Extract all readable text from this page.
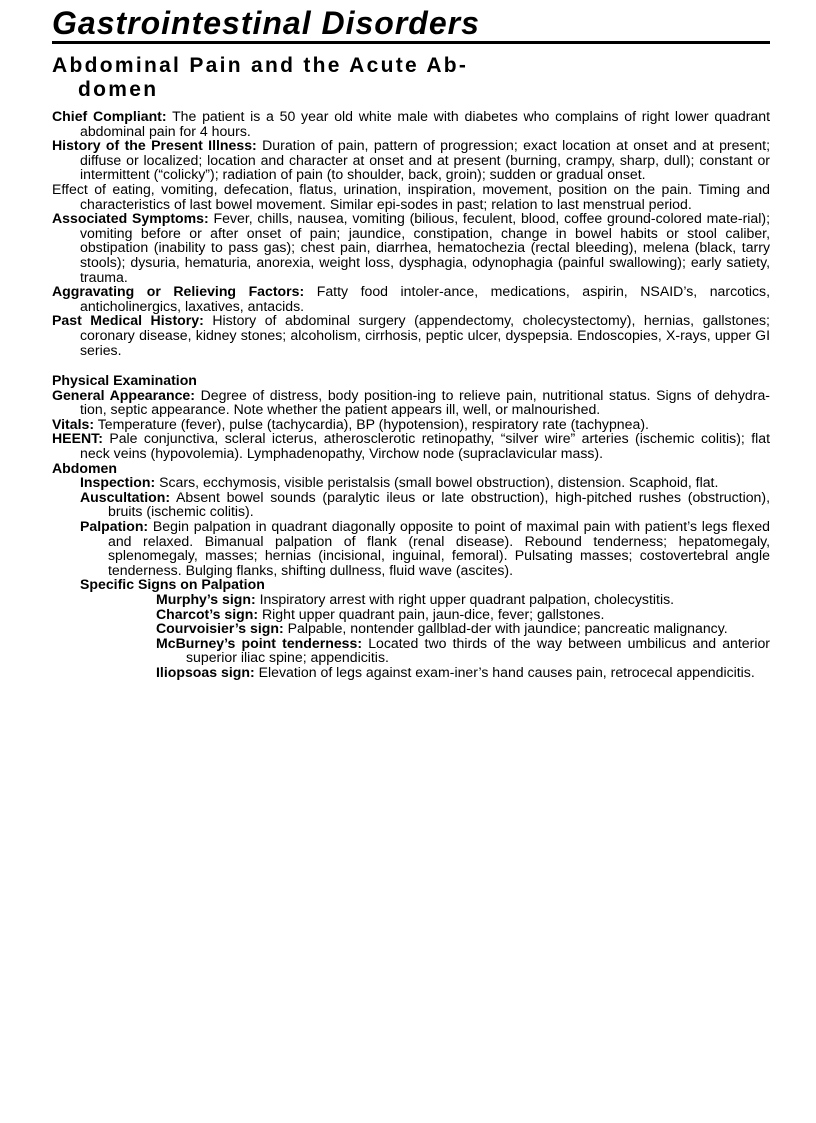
Gastrointestinal Disorders
Abdominal Pain and the Acute Ab-
domen

Chief Compliant: The patient is a 50 year old white male with diabetes who complains of right lower quadrant abdominal pain for 4 hours.

History of the Present Illness: Duration of pain, pattern of progression; exact location at onset and at present; diffuse or localized; location and character at onset and at present (burning, crampy, sharp, dull); constant or intermittent (“colicky”); radiation of pain (to shoulder, back, groin); sudden or gradual onset.

Effect of eating, vomiting, defecation, flatus, urination, inspiration, movement, position on the pain. Timing and characteristics of last bowel movement. Similar epi-sodes in past; relation to last menstrual period.

Associated Symptoms: Fever, chills, nausea, vomiting (bilious, feculent, blood, coffee ground-colored mate-rial); vomiting before or after onset of pain; jaundice, constipation, change in bowel habits or stool caliber, obstipation (inability to pass gas); chest pain, diarrhea, hematochezia (rectal bleeding), melena (black, tarry stools); dysuria, hematuria, anorexia, weight loss, dysphagia, odynophagia (painful swallowing); early satiety, trauma.

Aggravating or Relieving Factors: Fatty food intoler-ance, medications, aspirin, NSAID’s, narcotics, anticholinergics, laxatives, antacids.

Past Medical History: History of abdominal surgery (appendectomy, cholecystectomy), hernias, gallstones; coronary disease, kidney stones; alcoholism, cirrhosis, peptic ulcer, dyspepsia. Endoscopies, X-rays, upper GI series.

Physical Examination

General Appearance: Degree of distress, body position-ing to relieve pain, nutritional status. Signs of dehydra-tion, septic appearance. Note whether the patient appears ill, well, or malnourished.

Vitals: Temperature (fever), pulse (tachycardia), BP (hypotension), respiratory rate (tachypnea).

HEENT: Pale conjunctiva, scleral icterus, atherosclerotic retinopathy, “silver wire” arteries (ischemic colitis); flat neck veins (hypovolemia). Lymphadenopathy, Virchow node (supraclavicular mass).

Abdomen

Inspection: Scars, ecchymosis, visible peristalsis (small bowel obstruction), distension. Scaphoid, flat.

Auscultation: Absent bowel sounds (paralytic ileus or late obstruction), high-pitched rushes (obstruction), bruits (ischemic colitis).

Palpation: Begin palpation in quadrant diagonally opposite to point of maximal pain with patient’s legs flexed and relaxed. Bimanual palpation of flank (renal disease). Rebound tenderness; hepatomegaly, splenomegaly, masses; hernias (incisional, inguinal, femoral). Pulsating masses; costovertebral angle tenderness. Bulging flanks, shifting dullness, fluid wave (ascites).

Specific Signs on Palpation

Murphy’s sign: Inspiratory arrest with right upper quadrant palpation, cholecystitis.

Charcot’s sign: Right upper quadrant pain, jaun-dice, fever; gallstones.

Courvoisier’s sign: Palpable, nontender gallblad-der with jaundice; pancreatic malignancy.

McBurney’s point tenderness: Located two thirds of the way between umbilicus and anterior superior iliac spine; appendicitis.

Iliopsoas sign: Elevation of legs against exam-iner’s hand causes pain, retrocecal appendicitis.
